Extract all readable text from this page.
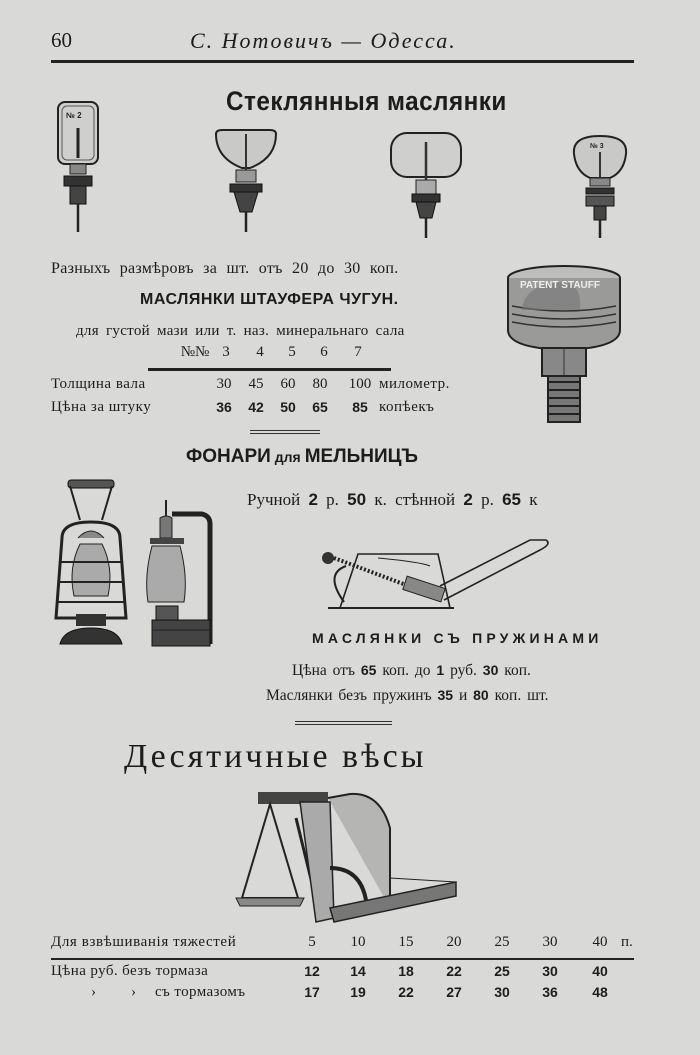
60	С. Нотовичъ — Одесса.
Стеклянныя маслянки
№ 2
№ 3
Разныхъ размѣровъ за шт. отъ 20 до 30 коп.
МАСЛЯНКИ ШТАУФЕРА ЧУГУН.
для густой мази или т. наз. минеральнаго сала
№№ 3	4	5	6	7
Толщина вала	30	45	60	80	100 милометр.
Цѣна за штуку	36	42	50	65	85 копѣекъ
PATENT STAUFF
ФОНАРИ для МЕЛЬНИЦЪ
Ручной 2 р. 50 к. стѣнной 2 р. 65 к
МАСЛЯНКИ СЪ ПРУЖИНАМИ
Цѣна отъ 65 коп. до 1 руб. 30 коп.
Маслянки безъ пружинъ 35 и 80 коп. шт.
Десятичные вѣсы
Для взвѣшиванія тяжестей	5	10	15	20	25	30	40 п.
Цѣна руб. безъ тормаза	12	14	18	22	25	30	40
› › съ тормазомъ	17	19	22	27	30	36	48
